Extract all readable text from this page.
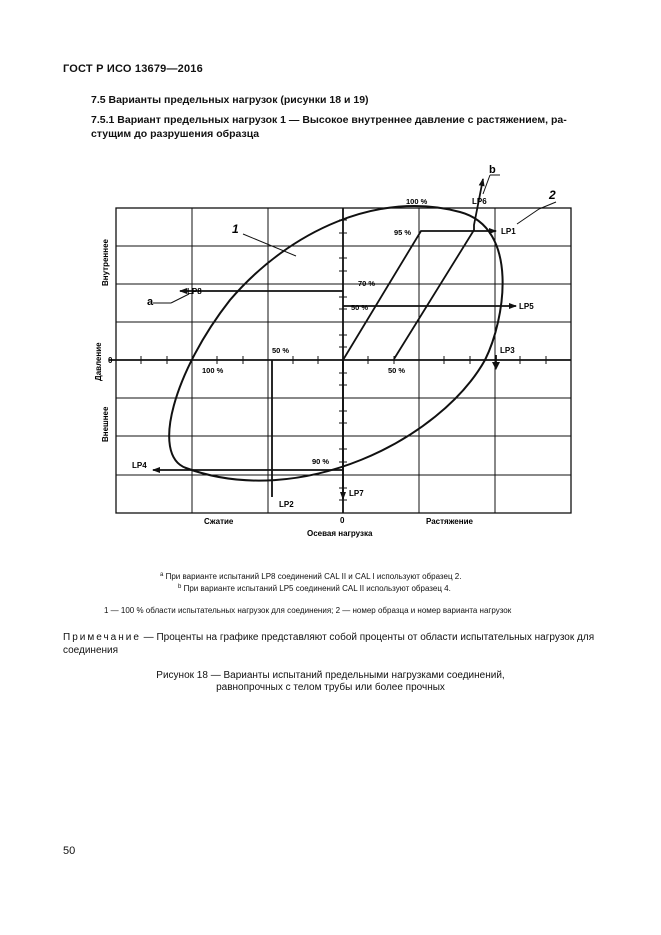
ГОСТ Р ИСО 13679—2016
7.5 Варианты предельных нагрузок (рисунки 18 и 19)
7.5.1 Вариант предельных нагрузок 1 — Высокое внутреннее давление с растяжением, ра-
стущим до разрушения образца
1
2
a
b
LP1
LP6
LP8
LP5
LP3
LP4
LP2
LP7
100 %
95 %
70 %
50 %
50 %
100 %	50 %
90 %
0
0
Сжатие	Растяжение
Осевая нагрузка
Внутреннее
Давление
Внешнее
$^a$ При варианте испытаний LP8 соединений CAL II и CAL I используют образец 2.
$^b$ При варианте испытаний LP5 соединений CAL II используют образец 4.
1 — 100 % области испытательных нагрузок для соединения; 2 — номер образца и номер варианта нагрузок
Примечание — Проценты на графике представляют собой проценты от области испытательных нагрузок для соединения
Рисунок 18 — Варианты испытаний предельными нагрузками соединений,
равнопрочных с телом трубы или более прочных
50
